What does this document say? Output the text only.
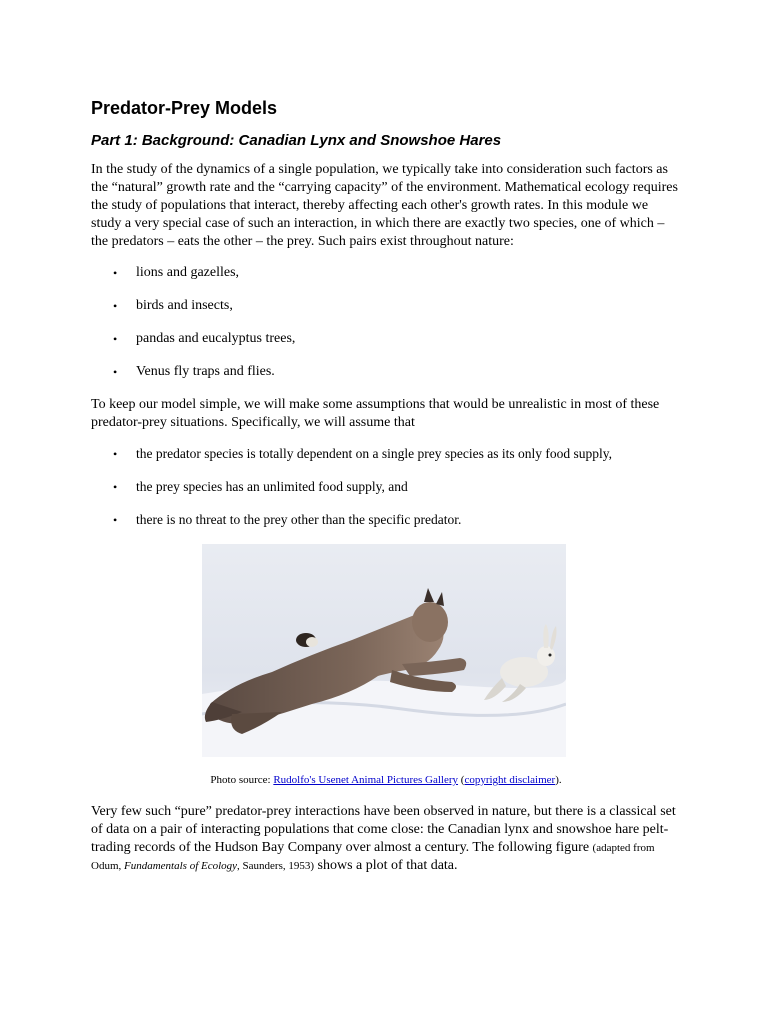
Predator-Prey Models
Part 1: Background: Canadian Lynx and Snowshoe Hares

In the study of the dynamics of a single population, we typically take into consideration such factors as the “natural” growth rate and the “carrying capacity” of the environment. Mathematical ecology requires the study of populations that interact, thereby affecting each other's growth rates. In this module we study a very special case of such an interaction, in which there are exactly two species, one of which – the predators – eats the other – the prey. Such pairs exist throughout nature:

• lions and gazelles,
• birds and insects,
• pandas and eucalyptus trees,
• Venus fly traps and flies.

To keep our model simple, we will make some assumptions that would be unrealistic in most of these predator-prey situations. Specifically, we will assume that

• the predator species is totally dependent on a single prey species as its only food supply,
• the prey species has an unlimited food supply, and
• there is no threat to the prey other than the specific predator.

Photo source: Rudolfo's Usenet Animal Pictures Gallery (copyright disclaimer).

Very few such “pure” predator-prey interactions have been observed in nature, but there is a classical set of data on a pair of interacting populations that come close: the Canadian lynx and snowshoe hare pelt-trading records of the Hudson Bay Company over almost a century. The following figure (adapted from Odum, Fundamentals of Ecology, Saunders, 1953) shows a plot of that data.
